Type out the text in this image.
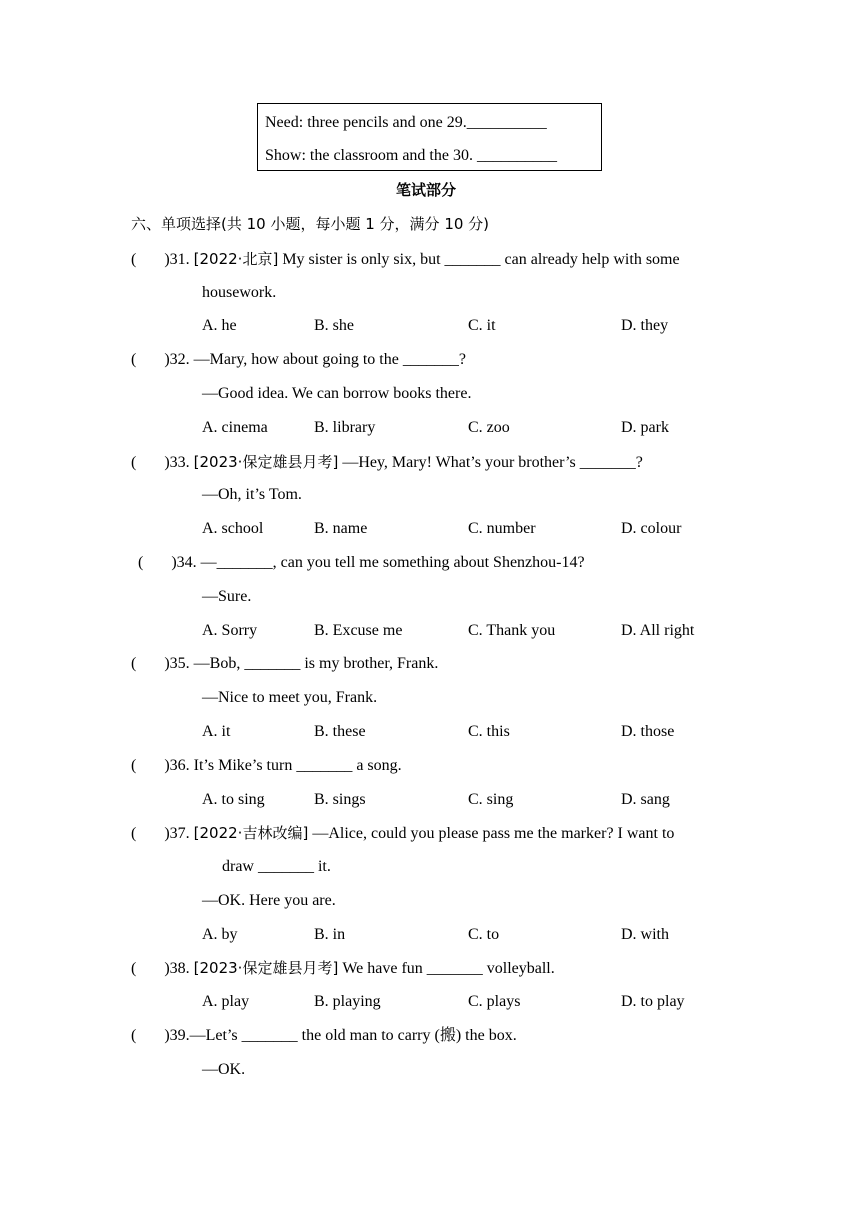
Need: three pencils and one 29.__________
Show: the classroom and the 30. __________
笔试部分
六、单项选择(共 10 小题，每小题 1 分，满分 10 分)
(       )31. [2022·北京] My sister is only six, but _______ can already help with some
housework.
A. he	B. she	C. it	D. they
(       )32. —Mary, how about going to the _______?
—Good idea. We can borrow books there.
A. cinema	B. library	C. zoo	D. park
(       )33. [2023·保定雄县月考] —Hey, Mary! What’s your brother’s _______?
—Oh, it’s Tom.
A. school	B. name	C. number	D. colour
(       )34. —_______, can you tell me something about Shenzhou-14?
—Sure.
A. Sorry	B. Excuse me	C. Thank you	D. All right
(       )35. —Bob, _______ is my brother, Frank.
—Nice to meet you, Frank.
A. it	B. these	C. this	D. those
(       )36. It’s Mike’s turn _______ a song.
A. to sing	B. sings	C. sing	D. sang
(       )37. [2022·吉林改编] —Alice, could you please pass me the marker? I want to
draw _______ it.
—OK. Here you are.
A. by	B. in	C. to	D. with
(       )38. [2023·保定雄县月考] We have fun _______ volleyball.
A. play	B. playing	C. plays	D. to play
(       )39.—Let’s _______ the old man to carry (搬) the box.
—OK.
